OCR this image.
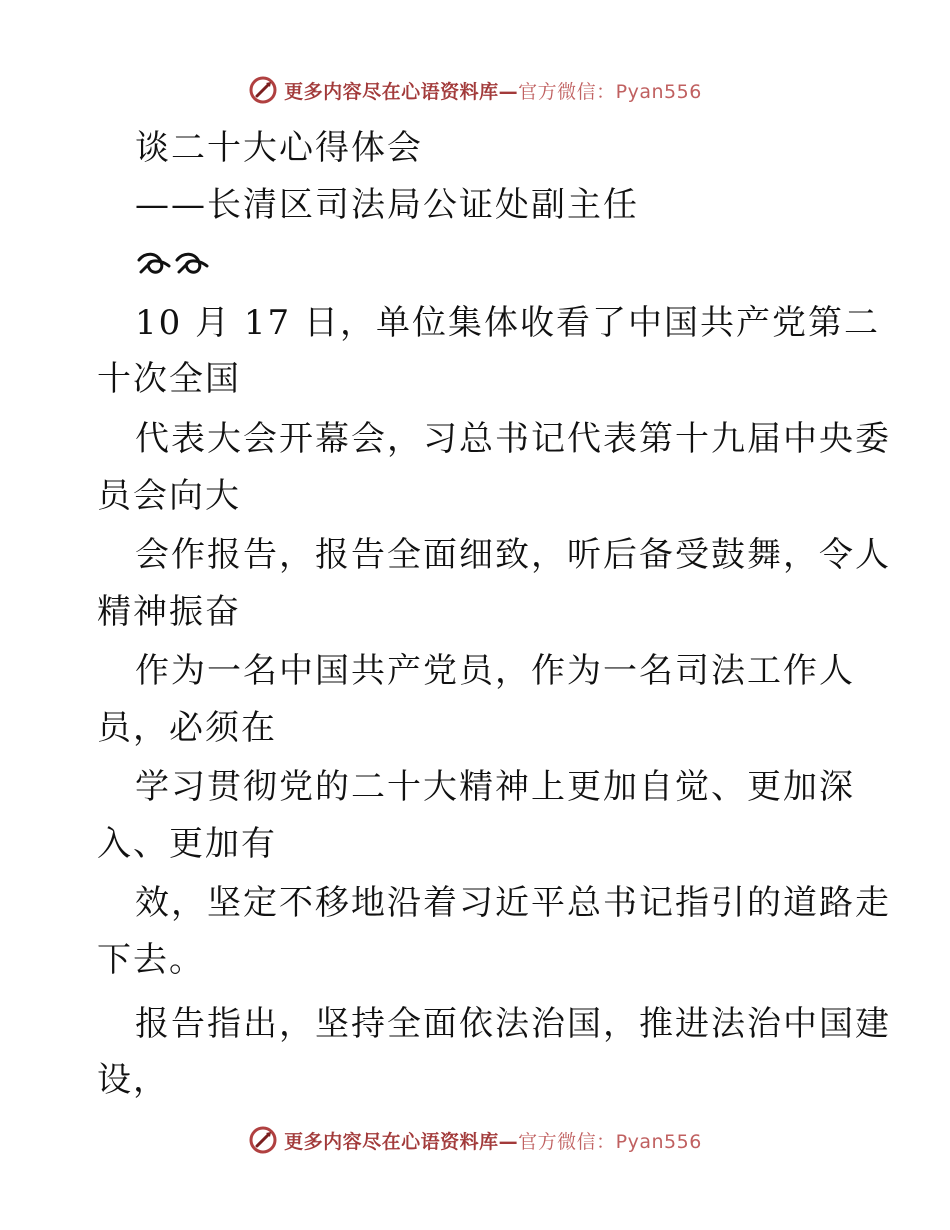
更多内容尽在心语资料库—官方微信：Pyan556
谈二十大心得体会
——长清区司法局公证处副主任
10 月 17 日，单位集体收看了中国共产党第二
十次全国
代表大会开幕会，习总书记代表第十九届中央委
员会向大
会作报告，报告全面细致，听后备受鼓舞，令人
精神振奋
作为一名中国共产党员，作为一名司法工作人
员，必须在
学习贯彻党的二十大精神上更加自觉、更加深
入、更加有
效，坚定不移地沿着习近平总书记指引的道路走
下去。
报告指出，坚持全面依法治国，推进法治中国建
设，
更多内容尽在心语资料库—官方微信：Pyan556
